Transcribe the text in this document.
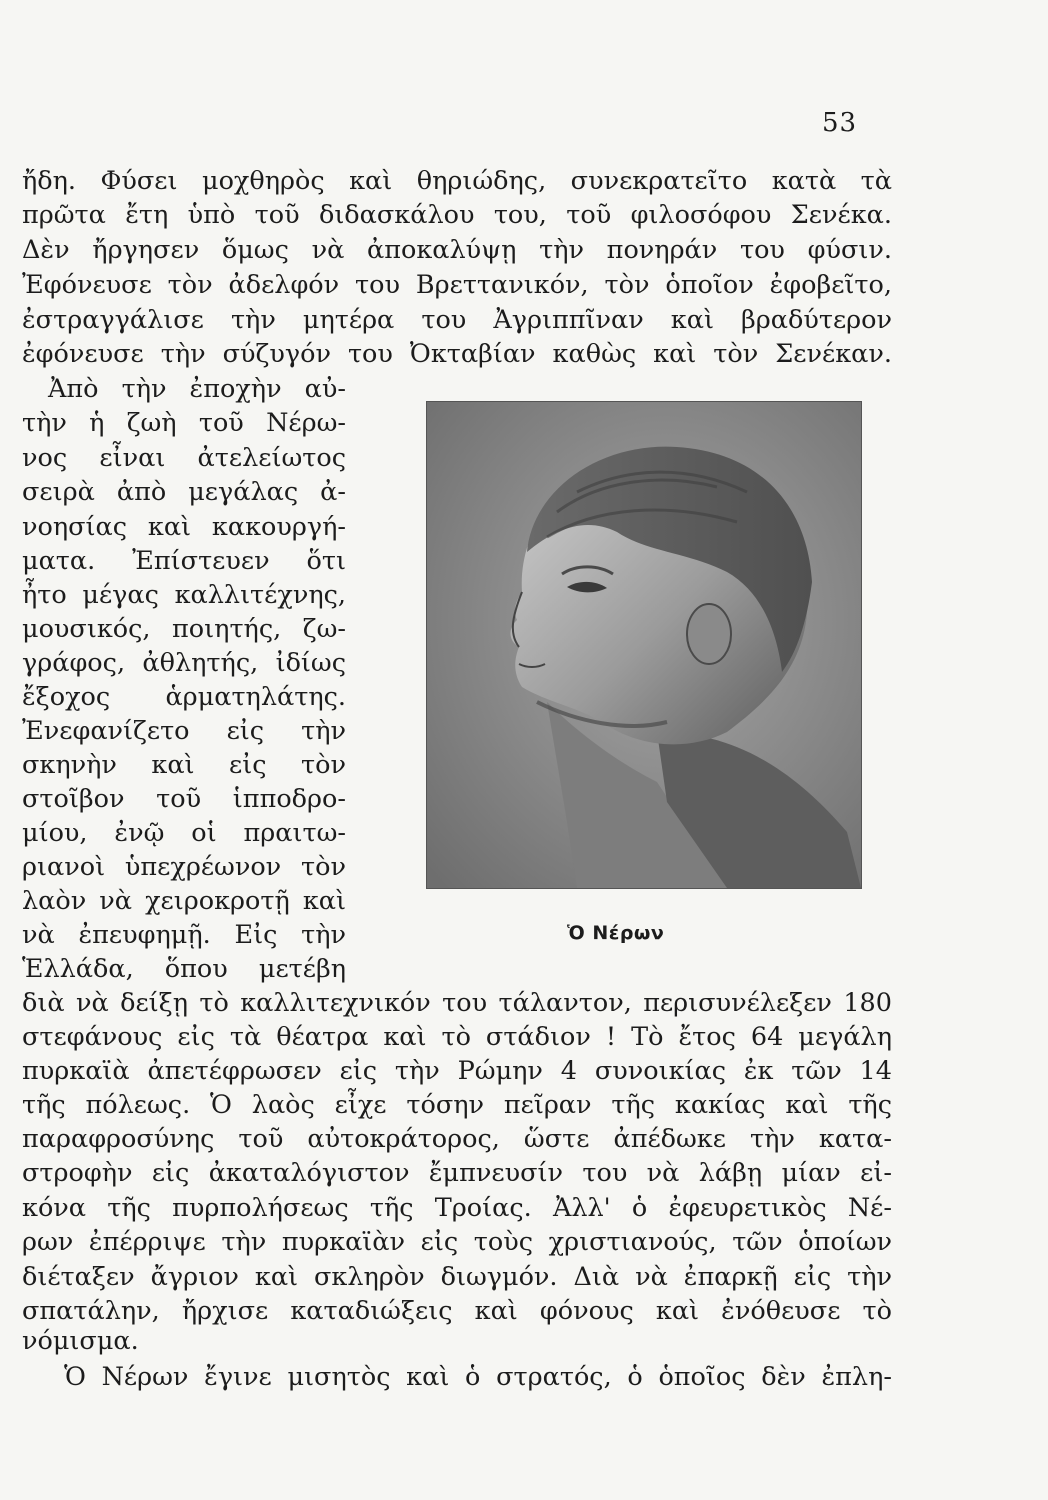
53
ἤδη. Φύσει μοχθηρὸς καὶ θηριώδης, συνεκρατεῖτο κατὰ τὰ
πρῶτα ἔτη ὑπὸ τοῦ διδασκάλου του, τοῦ φιλοσόφου Σενέκα.
Δὲν ἤργησεν ὅμως νὰ ἀποκαλύψῃ τὴν πονηράν του φύσιν.
Ἐφόνευσε τὸν ἀδελφόν του Βρεττανικόν, τὸν ὁποῖον ἐφοβεῖτο,
ἐστραγγάλισε τὴν μητέρα του Ἀγριππῖναν καὶ βραδύτερον
ἐφόνευσε τὴν σύζυγόν του Ὀκταβίαν καθὼς καὶ τὸν Σενέκαν.
Ἀπὸ τὴν ἐποχὴν αὐ-
τὴν ἡ ζωὴ τοῦ Νέρω-
νος εἶναι ἀτελείωτος
σειρὰ ἀπὸ μεγάλας ἀ-
νοησίας καὶ κακουργή-
ματα. Ἐπίστευεν ὅτι
ἦτο μέγας καλλιτέχνης,
μουσικός, ποιητής, ζω-
γράφος, ἀθλητής, ἰδίως
ἔξοχος ἁρματηλάτης.
Ἐνεφανίζετο εἰς τὴν
σκηνὴν καὶ εἰς τὸν
στοῖβον τοῦ ἱπποδρο-
μίου, ἐνῷ οἱ πραιτω-
ριανοὶ ὑπεχρέωνον τὸν
λαὸν νὰ χειροκροτῇ καὶ
νὰ ἐπευφημῇ. Εἰς τὴν
Ἑλλάδα, ὅπου μετέβη
Ὁ Νέρων
διὰ νὰ δείξῃ τὸ καλλιτεχνικόν του τάλαντον, περισυνέλεξεν 180
στεφάνους εἰς τὰ θέατρα καὶ τὸ στάδιον ! Τὸ ἔτος 64 μεγάλη
πυρκαϊὰ ἀπετέφρωσεν εἰς τὴν Ρώμην 4 συνοικίας ἐκ τῶν 14
τῆς πόλεως. Ὁ λαὸς εἶχε τόσην πεῖραν τῆς κακίας καὶ τῆς
παραφροσύνης τοῦ αὐτοκράτορος, ὥστε ἀπέδωκε τὴν κατα-
στροφὴν εἰς ἀκαταλόγιστον ἔμπνευσίν του νὰ λάβῃ μίαν εἰ-
κόνα τῆς πυρπολήσεως τῆς Τροίας. Ἀλλ' ὁ ἐφευρετικὸς Νέ-
ρων ἐπέρριψε τὴν πυρκαϊὰν εἰς τοὺς χριστιανούς, τῶν ὁποίων
διέταξεν ἄγριον καὶ σκληρὸν διωγμόν. Διὰ νὰ ἐπαρκῇ εἰς τὴν
σπατάλην, ἤρχισε καταδιώξεις καὶ φόνους καὶ ἐνόθευσε τὸ
νόμισμα.
Ὁ Νέρων ἔγινε μισητὸς καὶ ὁ στρατός, ὁ ὁποῖος δὲν ἐπλη-
